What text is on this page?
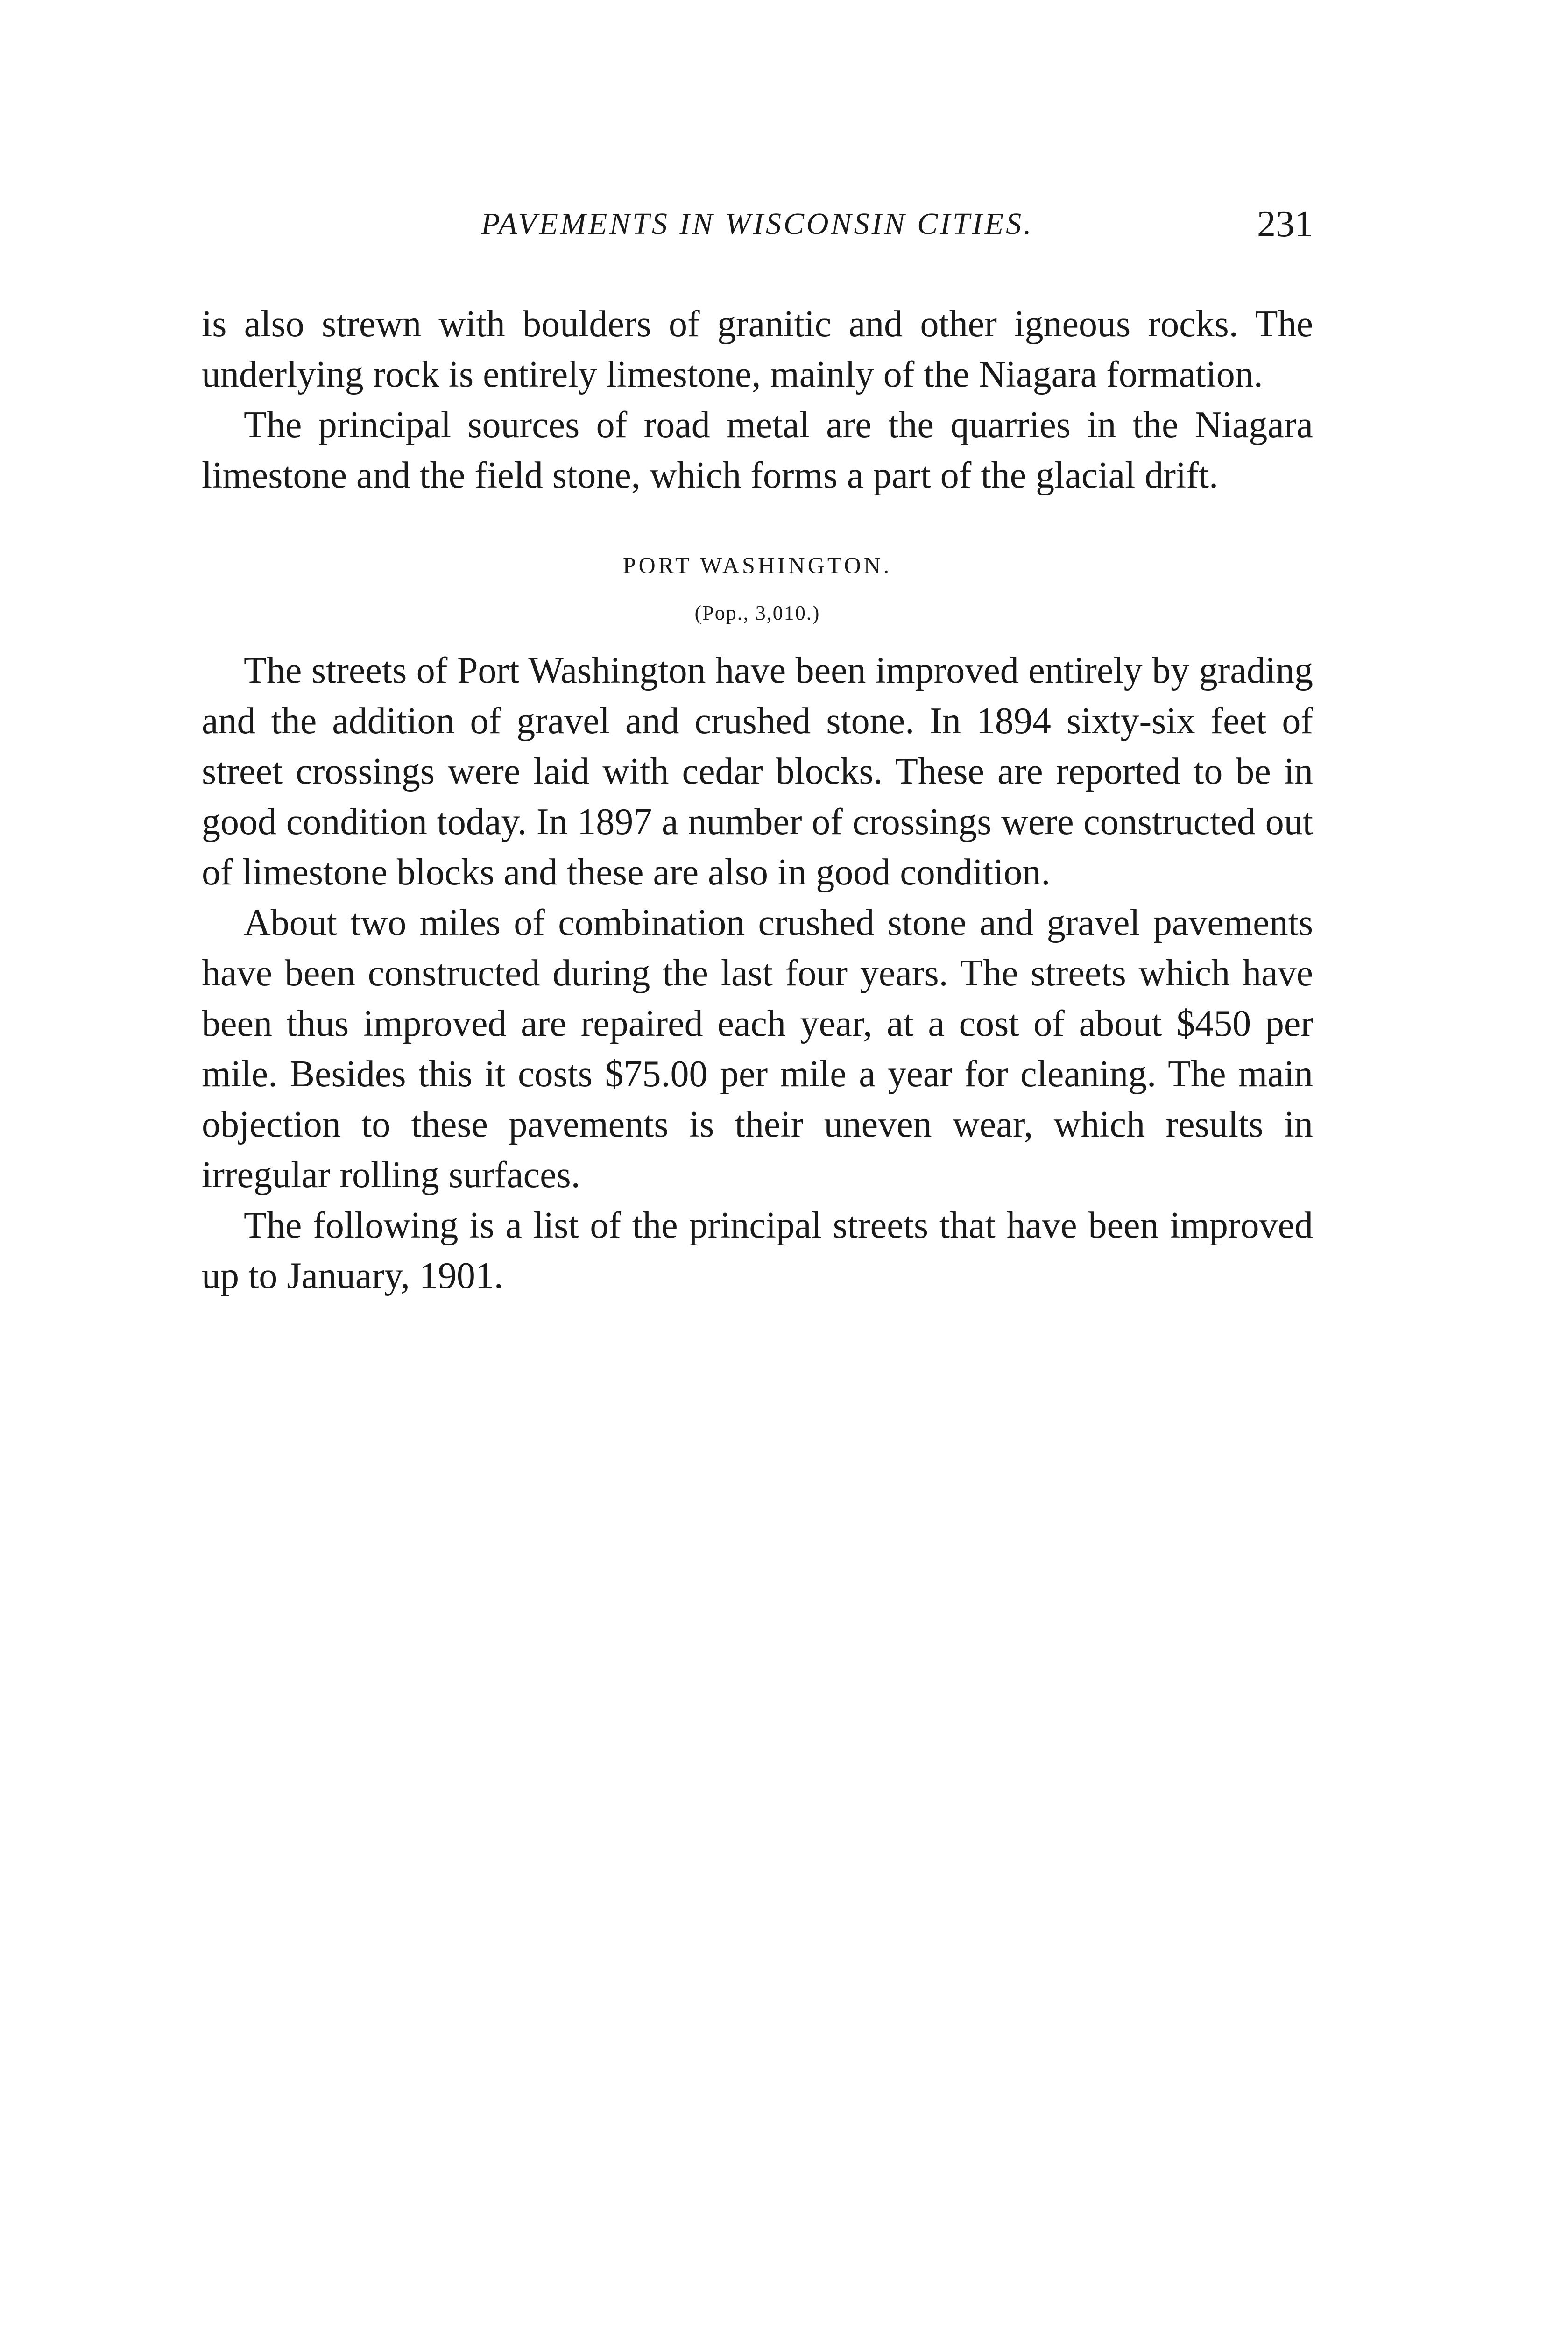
PAVEMENTS IN WISCONSIN CITIES.	231

is also strewn with boulders of granitic and other igneous rocks. The underlying rock is entirely limestone, mainly of the Niagara formation.

The principal sources of road metal are the quarries in the Niagara limestone and the field stone, which forms a part of the glacial drift.

PORT WASHINGTON.

(Pop., 3,010.)

The streets of Port Washington have been improved entirely by grading and the addition of gravel and crushed stone. In 1894 sixty-six feet of street crossings were laid with cedar blocks. These are reported to be in good condition today. In 1897 a number of crossings were constructed out of limestone blocks and these are also in good condition.

About two miles of combination crushed stone and gravel pavements have been constructed during the last four years. The streets which have been thus improved are repaired each year, at a cost of about $450 per mile. Besides this it costs $75.00 per mile a year for cleaning. The main objection to these pavements is their uneven wear, which results in irregular rolling surfaces.

The following is a list of the principal streets that have been improved up to January, 1901.
